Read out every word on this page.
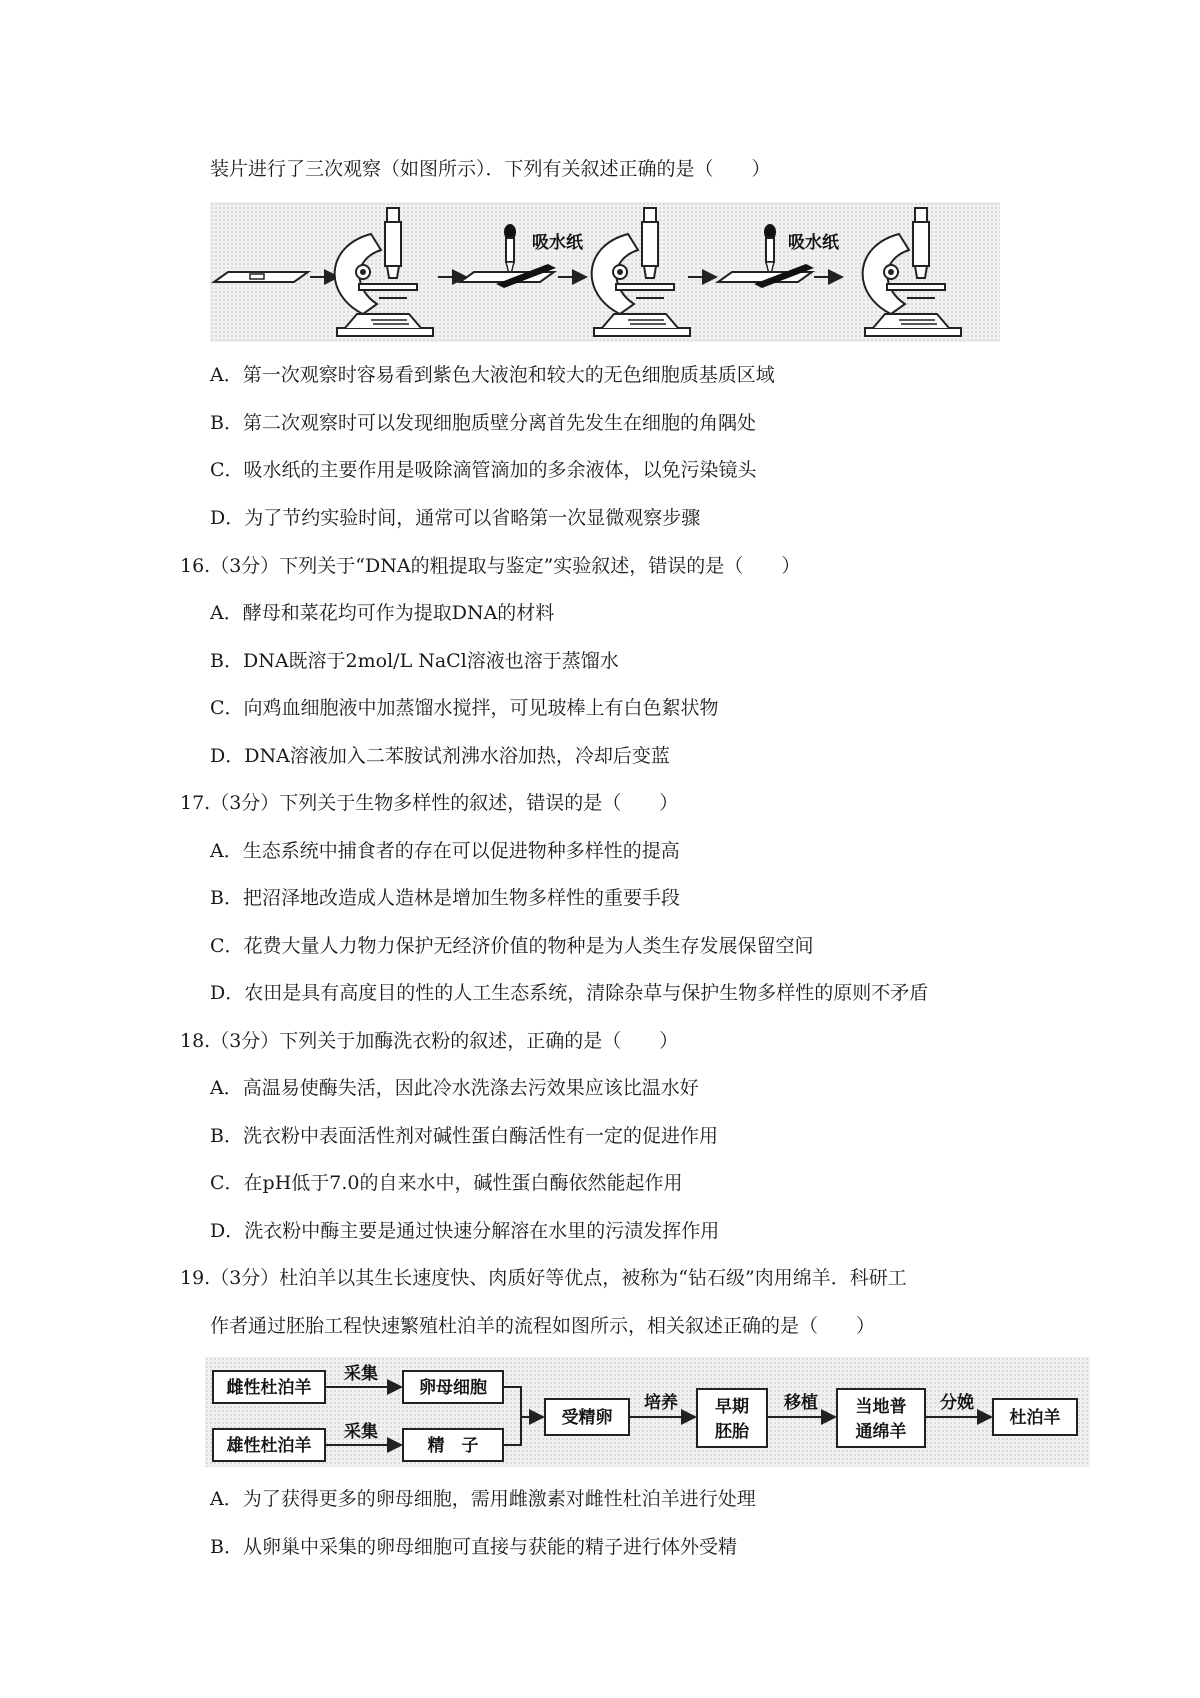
装片进行了三次观察（如图所示）．下列有关叙述正确的是（　　）
吸水纸	吸水纸
A．第一次观察时容易看到紫色大液泡和较大的无色细胞质基质区域
B．第二次观察时可以发现细胞质壁分离首先发生在细胞的角隅处
C．吸水纸的主要作用是吸除滴管滴加的多余液体，以免污染镜头
D．为了节约实验时间，通常可以省略第一次显微观察步骤
16.（3分）下列关于“DNA的粗提取与鉴定”实验叙述，错误的是（　　）
A．酵母和菜花均可作为提取DNA的材料
B．DNA既溶于2mol/L NaCl溶液也溶于蒸馏水
C．向鸡血细胞液中加蒸馏水搅拌，可见玻棒上有白色絮状物
D．DNA溶液加入二苯胺试剂沸水浴加热，冷却后变蓝
17.（3分）下列关于生物多样性的叙述，错误的是（　　）
A．生态系统中捕食者的存在可以促进物种多样性的提高
B．把沼泽地改造成人造林是增加生物多样性的重要手段
C．花费大量人力物力保护无经济价值的物种是为人类生存发展保留空间
D．农田是具有高度目的性的人工生态系统，清除杂草与保护生物多样性的原则不矛盾
18.（3分）下列关于加酶洗衣粉的叙述，正确的是（　　）
A．高温易使酶失活，因此冷水洗涤去污效果应该比温水好
B．洗衣粉中表面活性剂对碱性蛋白酶活性有一定的促进作用
C．在pH低于7.0的自来水中，碱性蛋白酶依然能起作用
D．洗衣粉中酶主要是通过快速分解溶在水里的污渍发挥作用
19.（3分）杜泊羊以其生长速度快、肉质好等优点，被称为“钻石级”肉用绵羊．科研工
作者通过胚胎工程快速繁殖杜泊羊的流程如图所示，相关叙述正确的是（　　）
雌性杜泊羊
雄性杜泊羊
采集
采集
卵母细胞
精　子
受精卵
培养 早期
胚胎
移植 当地普
通绵羊
分娩
杜泊羊
A．为了获得更多的卵母细胞，需用雌激素对雌性杜泊羊进行处理
B．从卵巢中采集的卵母细胞可直接与获能的精子进行体外受精
